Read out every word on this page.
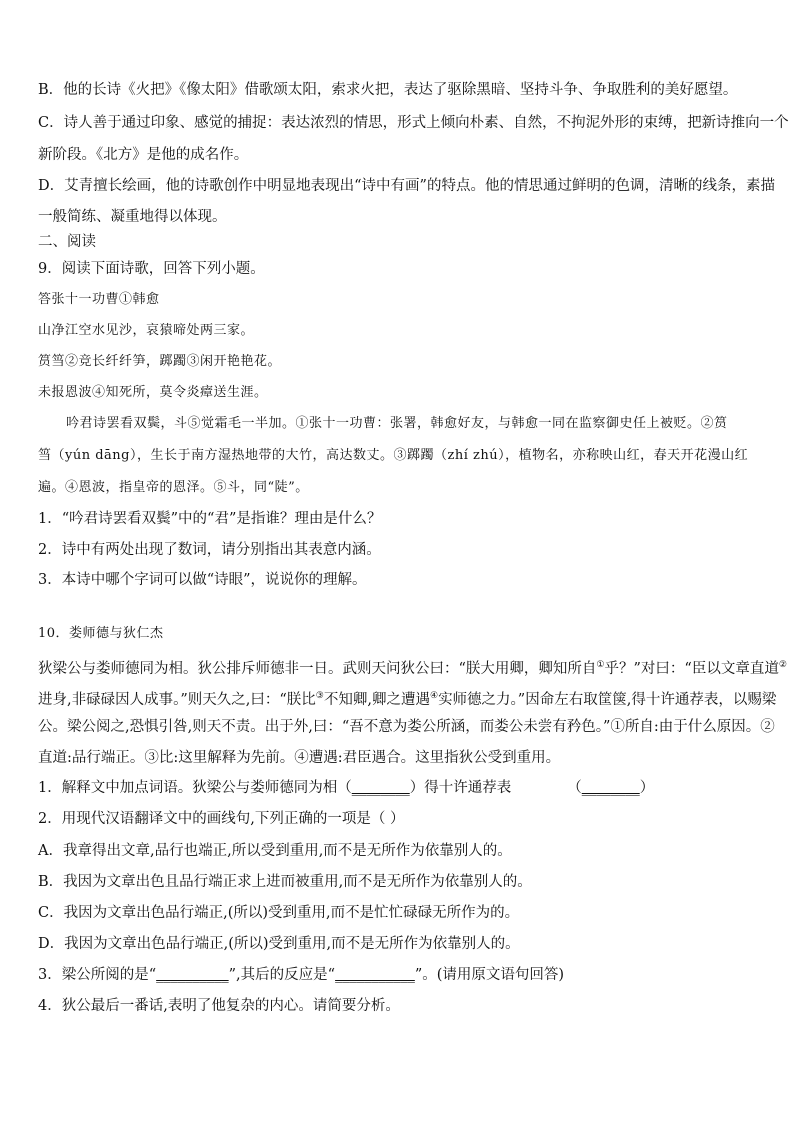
B．他的长诗《火把》《像太阳》借歌颂太阳，索求火把，表达了驱除黑暗、坚持斗争、争取胜利的美好愿望。
C．诗人善于通过印象、感觉的捕捉：表达浓烈的情思，形式上倾向朴素、自然，不拘泥外形的束缚，把新诗推向一个
新阶段。《北方》是他的成名作。
D．艾青擅长绘画，他的诗歌创作中明显地表现出“诗中有画”的特点。他的情思通过鲜明的色调，清晰的线条，素描
一般简练、凝重地得以体现。
二、阅读
9．阅读下面诗歌，回答下列小题。
答张十一功曹①韩愈
山净江空水见沙，哀猿啼处两三家。
筼筜②竞长纤纤笋，踯躅③闲开艳艳花。
未报恩波④知死所，莫令炎瘴送生涯。
吟君诗罢看双鬓，斗⑤觉霜毛一半加。①张十一功曹：张署，韩愈好友，与韩愈一同在监察御史任上被贬。②筼
筜（yún dāng），生长于南方湿热地带的大竹，高达数丈。③踯躅（zhí zhú），植物名，亦称映山红，春天开花漫山红
遍。④恩波，指皇帝的恩泽。⑤斗，同“陡”。
1．“吟君诗罢看双鬓”中的“君”是指谁？理由是什么？
2．诗中有两处出现了数词，请分别指出其表意内涵。
3．本诗中哪个字词可以做“诗眼”，说说你的理解。
10．娄师德与狄仁杰
狄梁公与娄师德同为相。狄公排斥师德非一日。武则天问狄公曰：“朕大用卿，卿知所自①乎？”对曰：“臣以文章直道②
进身,非碌碌因人成事。”则天久之,曰：“朕比③不知卿,卿之遭遇④实师德之力。”因命左右取筐箧,得十许通荐表，以赐梁
公。梁公阅之,恐惧引咎,则天不责。出于外,曰：“吾不意为娄公所涵，而娄公未尝有矜色。”①所自:由于什么原因。②
直道:品行端正。③比:这里解释为先前。④遭遇:君臣遇合。这里指狄公受到重用。
1．解释文中加点词语。狄梁公与娄师德同为相（________）得十许通荐表	（________）
2．用现代汉语翻译文中的画线句,下列正确的一项是（ ）
A．我章得出文章,品行也端正,所以受到重用,而不是无所作为依靠别人的。
B．我因为文章出色且品行端正求上进而被重用,而不是无所作为依靠别人的。
C．我因为文章出色品行端正,(所以)受到重用,而不是忙忙碌碌无所作为的。
D．我因为文章出色品行端正,(所以)受到重用,而不是无所作为依靠别人的。
3．梁公所阅的是“__________”,其后的反应是“___________”。(请用原文语句回答)
4．狄公最后一番话,表明了他复杂的内心。请简要分析。
